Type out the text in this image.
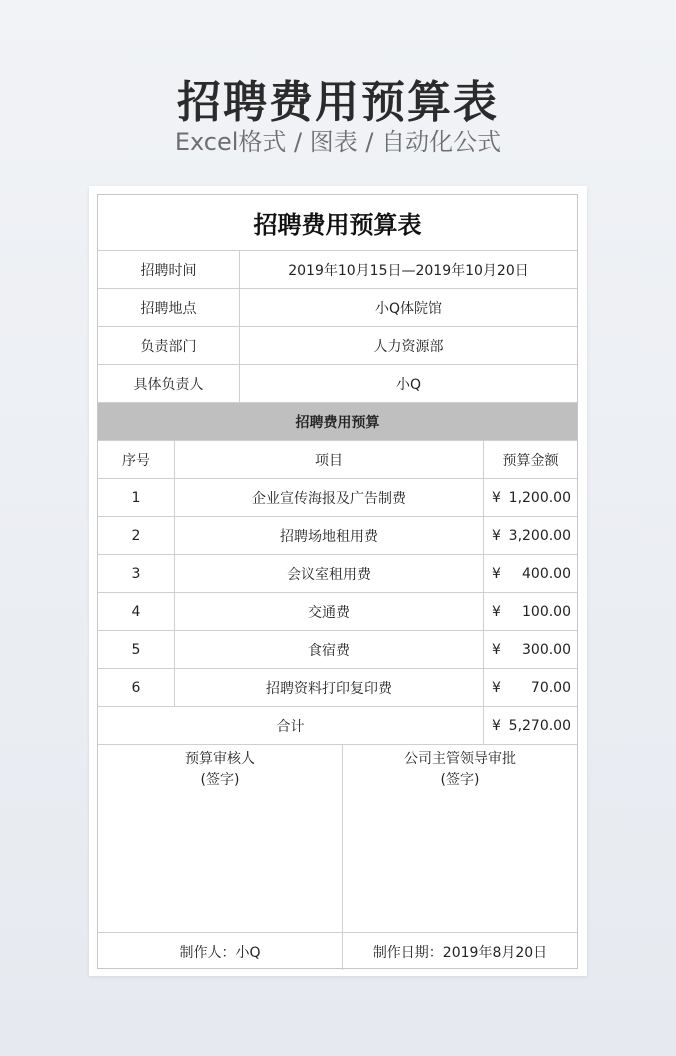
招聘费用预算表
Excel格式 / 图表 / 自动化公式
招聘费用预算表
招聘时间	2019年10月15日—2019年10月20日
招聘地点	小Q体院馆
负责部门	人力资源部
具体负责人	小Q
招聘费用预算
序号	项目	预算金额
1	企业宣传海报及广告制费	¥ 1,200.00
2	招聘场地租用费	¥ 3,200.00
3	会议室租用费	¥ 400.00
4	交通费	¥ 100.00
5	食宿费	¥ 300.00
6	招聘资料打印复印费	¥ 70.00
合计	¥ 5,270.00
预算审核人
(签字)
公司主管领导审批
(签字)
制作人：小Q	制作日期：2019年8月20日
